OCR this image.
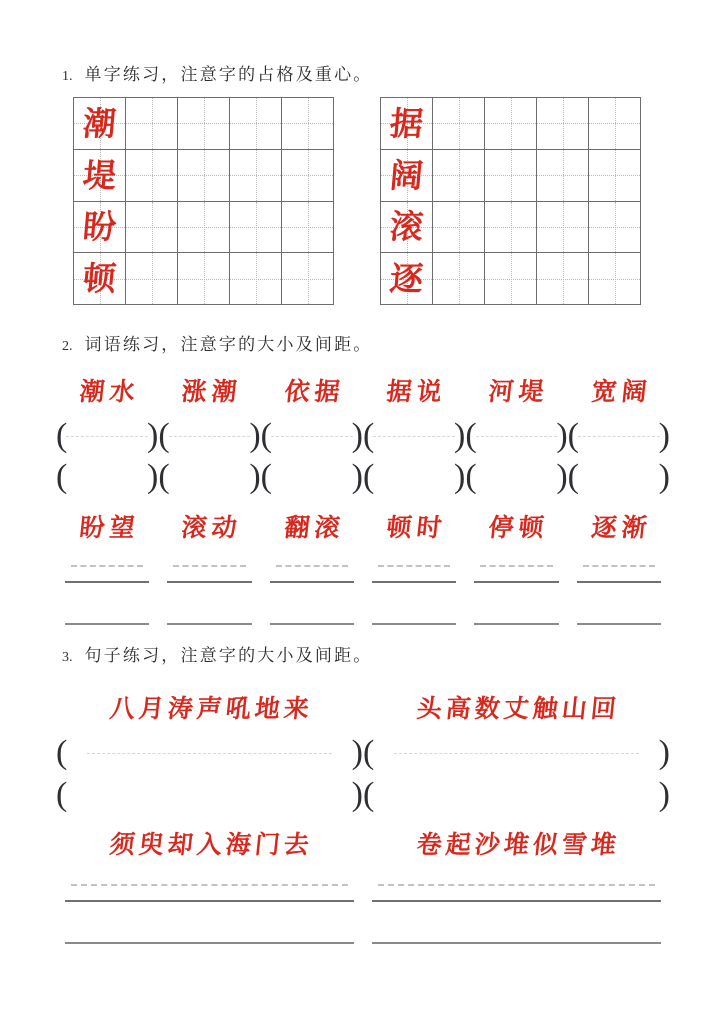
1. 单字练习，注意字的占格及重心。
潮
堤
盼
顿
据
阔
滚
逐
2. 词语练习，注意字的大小及间距。
潮水	涨潮	依据	据说	河堤	宽阔
( ) ( ) ( ) ( ) ( ) ( )
( ) ( ) ( ) ( ) ( ) ( )
盼望	滚动	翻滚	顿时	停顿	逐渐
3. 句子练习，注意字的大小及间距。
八月涛声吼地来	头高数丈触山回
(	) (	)
(	) (	)
须臾却入海门去	卷起沙堆似雪堆
